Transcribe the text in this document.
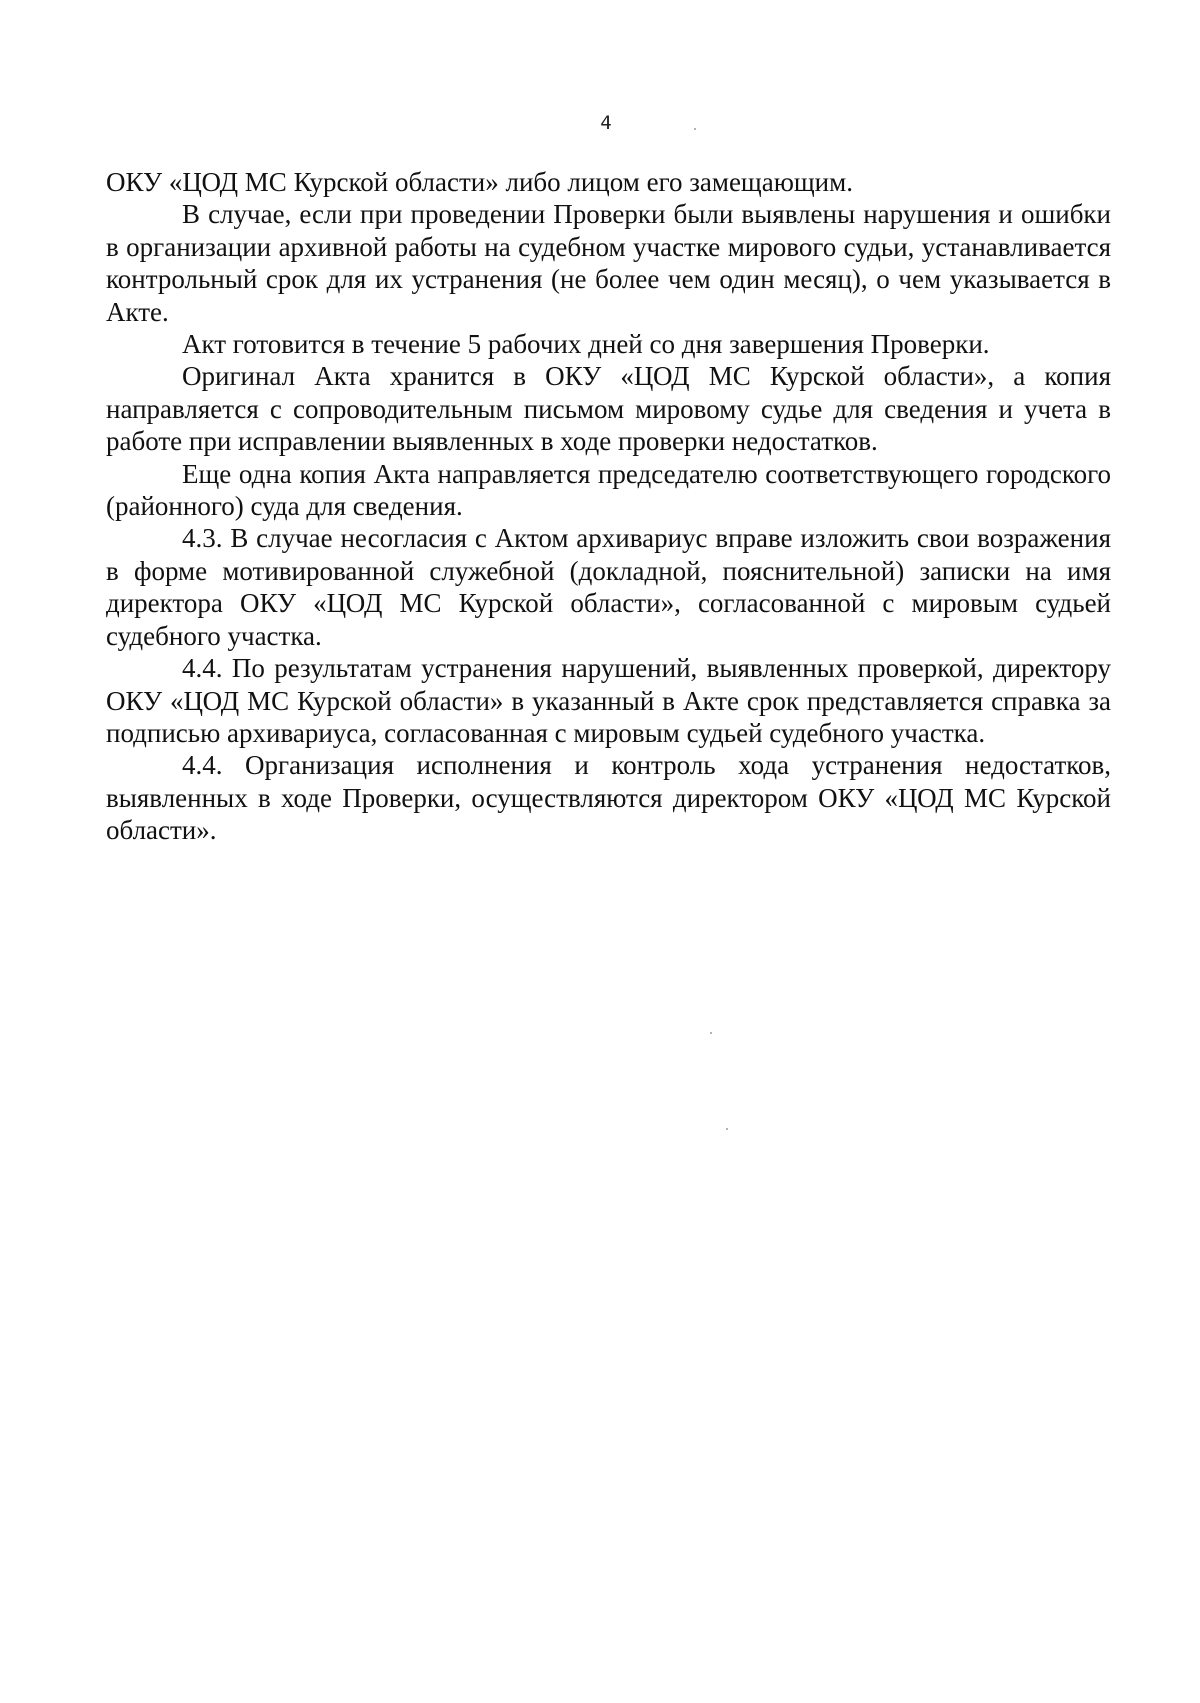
4

ОКУ «ЦОД МС Курской области» либо лицом его замещающим.

В случае, если при проведении Проверки были выявлены нарушения и ошибки в организации архивной работы на судебном участке мирового судьи, устанавливается контрольный срок для их устранения (не более чем один месяц), о чем указывается в Акте.

Акт готовится в течение 5 рабочих дней со дня завершения Проверки.

Оригинал Акта хранится в ОКУ «ЦОД МС Курской области», а копия направляется с сопроводительным письмом мировому судье для сведения и учета в работе при исправлении выявленных в ходе проверки недостатков.

Еще одна копия Акта направляется председателю соответствующего городского (районного) суда для сведения.

4.3. В случае несогласия с Актом архивариус вправе изложить свои возражения в форме мотивированной служебной (докладной, пояснительной) записки на имя директора ОКУ «ЦОД МС Курской области», согласованной с мировым судьей судебного участка.

4.4. По результатам устранения нарушений, выявленных проверкой, директору ОКУ «ЦОД МС Курской области» в указанный в Акте срок представляется справка за подписью архивариуса, согласованная с мировым судьей судебного участка.

4.4. Организация исполнения и контроль хода устранения недостатков, выявленных в ходе Проверки, осуществляются директором ОКУ «ЦОД МС Курской области».
